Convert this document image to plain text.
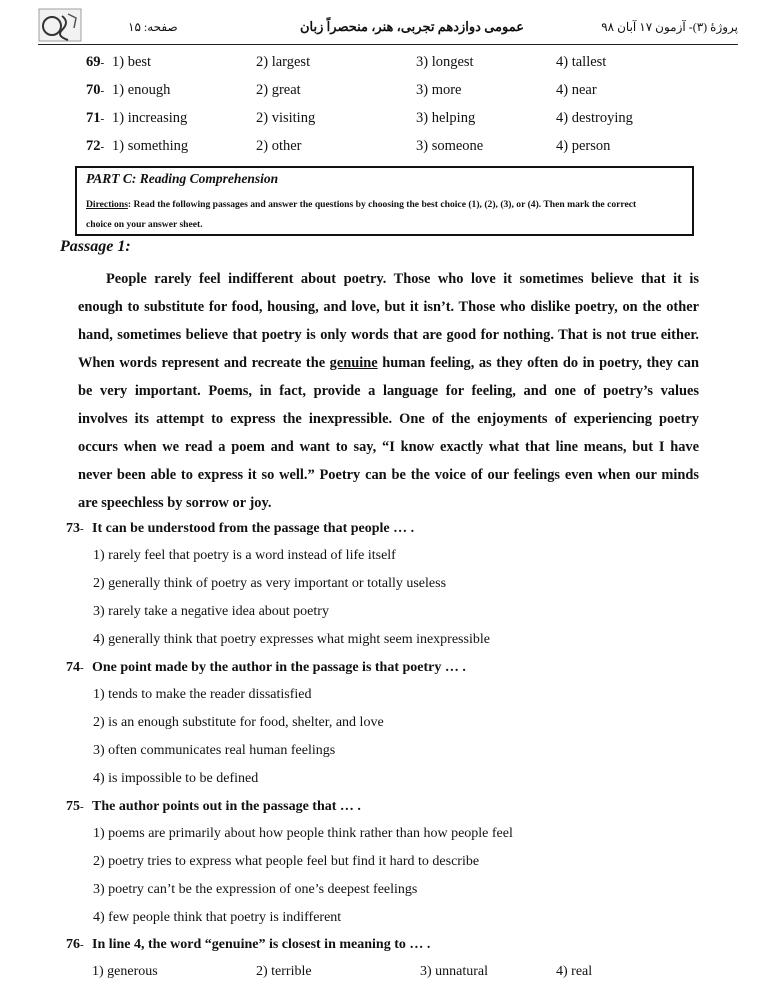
صفحه: ۱۵	عمومی دوازدهم تجربی، هنر، منحصراً زبان	پروژهٔ (۳)- آزمون ۱۷ آبان ۹۸
69- 1) best	2) largest	3) longest	4) tallest
70- 1) enough	2) great	3) more	4) near
71- 1) increasing	2) visiting	3) helping	4) destroying
72- 1) something	2) other	3) someone	4) person
PART C: Reading Comprehension
Directions: Read the following passages and answer the questions by choosing the best choice (1), (2), (3), or (4). Then mark the correct
choice on your answer sheet.
Passage 1:
People rarely feel indifferent about poetry. Those who love it sometimes believe that it is
enough to substitute for food, housing, and love, but it isn’t. Those who dislike poetry, on the other
hand, sometimes believe that poetry is only words that are good for nothing. That is not true either.
When words represent and recreate the genuine human feeling, as they often do in poetry, they can
be very important. Poems, in fact, provide a language for feeling, and one of poetry’s values
involves its attempt to express the inexpressible. One of the enjoyments of experiencing poetry
occurs when we read a poem and want to say, “I know exactly what that line means, but I have
never been able to express it so well.” Poetry can be the voice of our feelings even when our minds
are speechless by sorrow or joy.
73- It can be understood from the passage that people … .
1) rarely feel that poetry is a word instead of life itself
2) generally think of poetry as very important or totally useless
3) rarely take a negative idea about poetry
4) generally think that poetry expresses what might seem inexpressible
74- One point made by the author in the passage is that poetry … .
1) tends to make the reader dissatisfied
2) is an enough substitute for food, shelter, and love
3) often communicates real human feelings
4) is impossible to be defined
75- The author points out in the passage that … .
1) poems are primarily about how people think rather than how people feel
2) poetry tries to express what people feel but find it hard to describe
3) poetry can’t be the expression of one’s deepest feelings
4) few people think that poetry is indifferent
76- In line 4, the word “genuine” is closest in meaning to … .
1) generous	2) terrible	3) unnatural	4) real
